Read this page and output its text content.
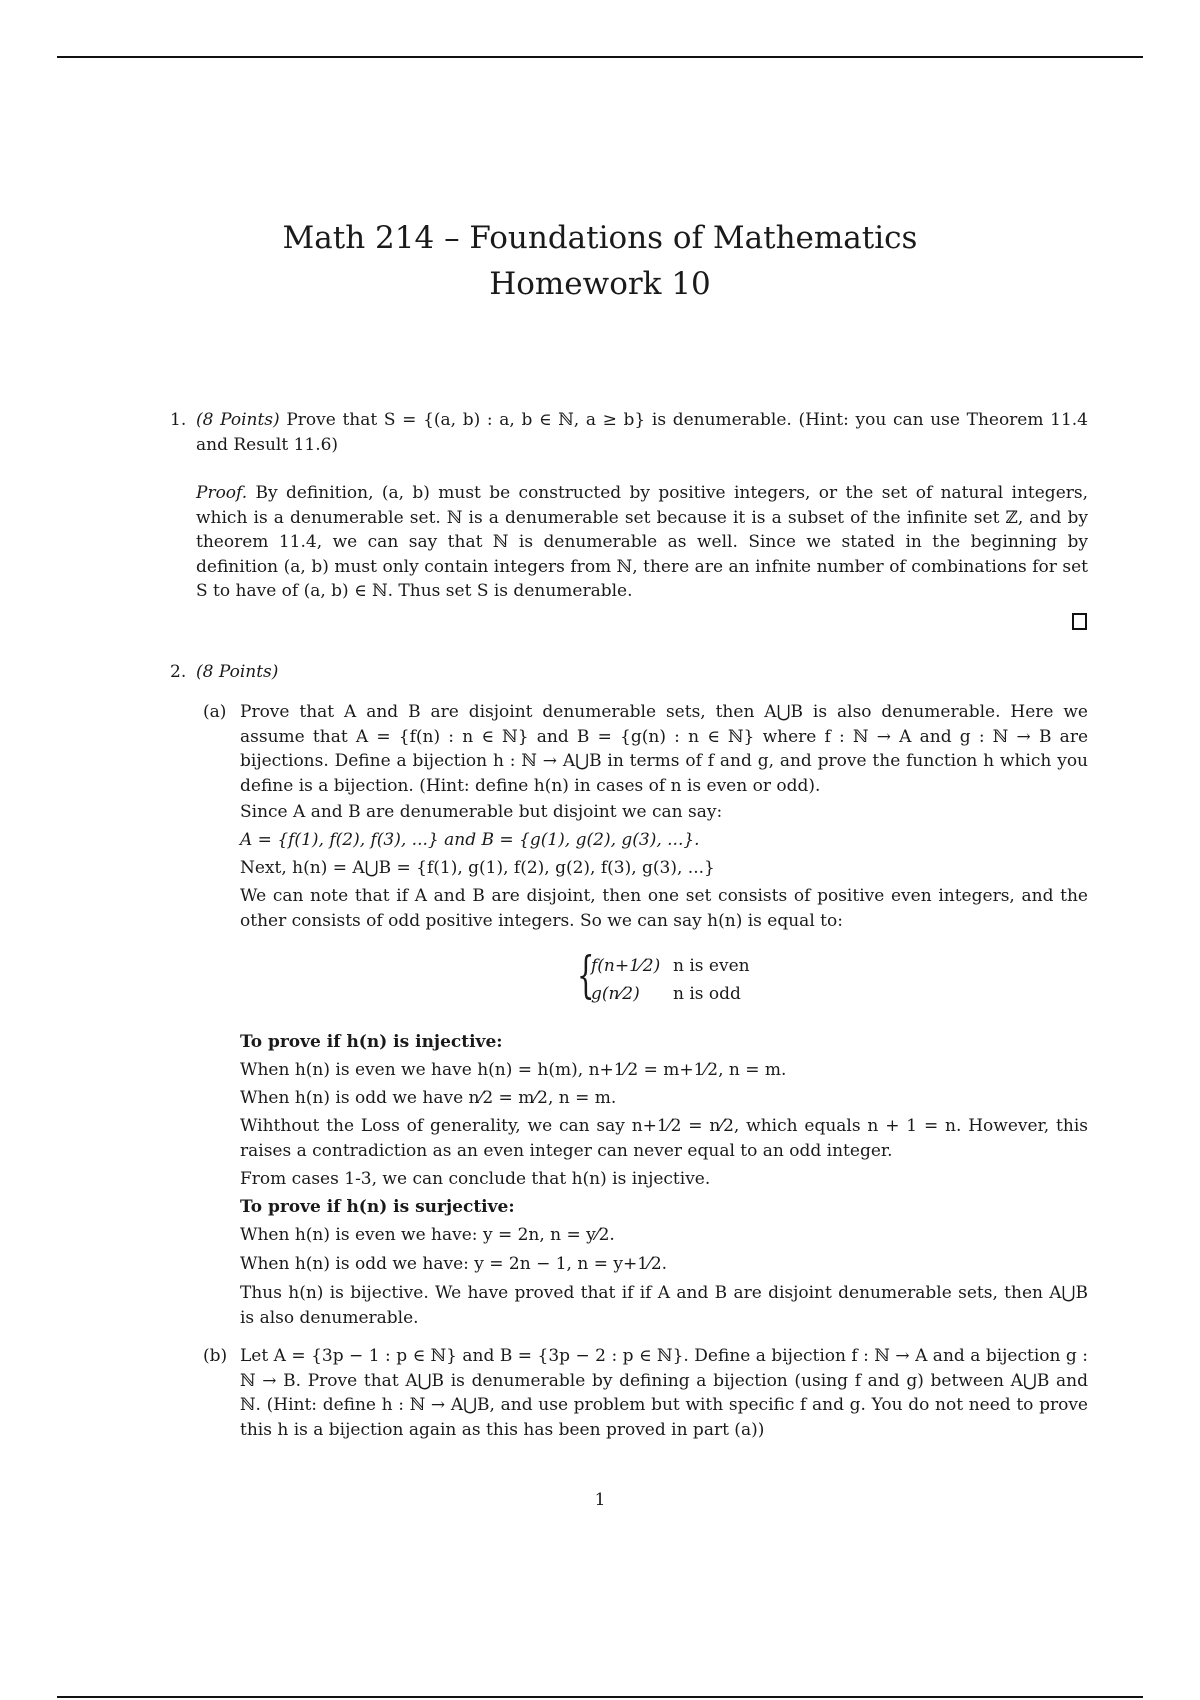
Math 214 – Foundations of Mathematics
Homework 10
1. (8 Points) Prove that S = {(a, b) : a, b ∈ ℕ, a ≥ b} is denumerable. (Hint: you can use Theorem 11.4 and Result 11.6)
Proof. By definition, (a, b) must be constructed by positive integers, or the set of natural integers, which is a denumerable set. ℕ is a denumerable set because it is a subset of the infinite set ℤ, and by theorem 11.4, we can say that ℕ is denumerable as well. Since we stated in the beginning by definition (a, b) must only contain integers from ℕ, there are an infnite number of combinations for set S to have of (a, b) ∈ ℕ. Thus set S is denumerable.
2. (8 Points)
(a) Prove that A and B are disjoint denumerable sets, then A⋃B is also denumerable. Here we assume that A = {f(n) : n ∈ ℕ} and B = {g(n) : n ∈ ℕ} where f : ℕ → A and g : ℕ → B are bijections. Define a bijection h : ℕ → A⋃B in terms of f and g, and prove the function h which you define is a bijection. (Hint: define h(n) in cases of n is even or odd).
Since A and B are denumerable but disjoint we can say:
A = {f(1), f(2), f(3), ...} and B = {g(1), g(2), g(3), ...}.
Next, h(n) = A⋃B = {f(1), g(1), f(2), g(2), f(3), g(3), ...}
We can note that if A and B are disjoint, then one set consists of positive even integers, and the other consists of odd positive integers. So we can say h(n) is equal to:
{
f(n+1⁄2) n is even
g(n⁄2) n is odd
To prove if h(n) is injective:
When h(n) is even we have h(n) = h(m), n+1⁄2 = m+1⁄2, n = m.
When h(n) is odd we have n⁄2 = m⁄2, n = m.
Wihthout the Loss of generality, we can say n+1⁄2 = n⁄2, which equals n + 1 = n. However, this raises a contradiction as an even integer can never equal to an odd integer.
From cases 1-3, we can conclude that h(n) is injective.
To prove if h(n) is surjective:
When h(n) is even we have: y = 2n, n = y⁄2.
When h(n) is odd we have: y = 2n − 1, n = y+1⁄2.
Thus h(n) is bijective. We have proved that if if A and B are disjoint denumerable sets, then A⋃B is also denumerable.
(b) Let A = {3p − 1 : p ∈ ℕ} and B = {3p − 2 : p ∈ ℕ}. Define a bijection f : ℕ → A and a bijection g : ℕ → B. Prove that A⋃B is denumerable by defining a bijection (using f and g) between A⋃B and ℕ. (Hint: define h : ℕ → A⋃B, and use problem but with specific f and g. You do not need to prove this h is a bijection again as this has been proved in part (a))
1
